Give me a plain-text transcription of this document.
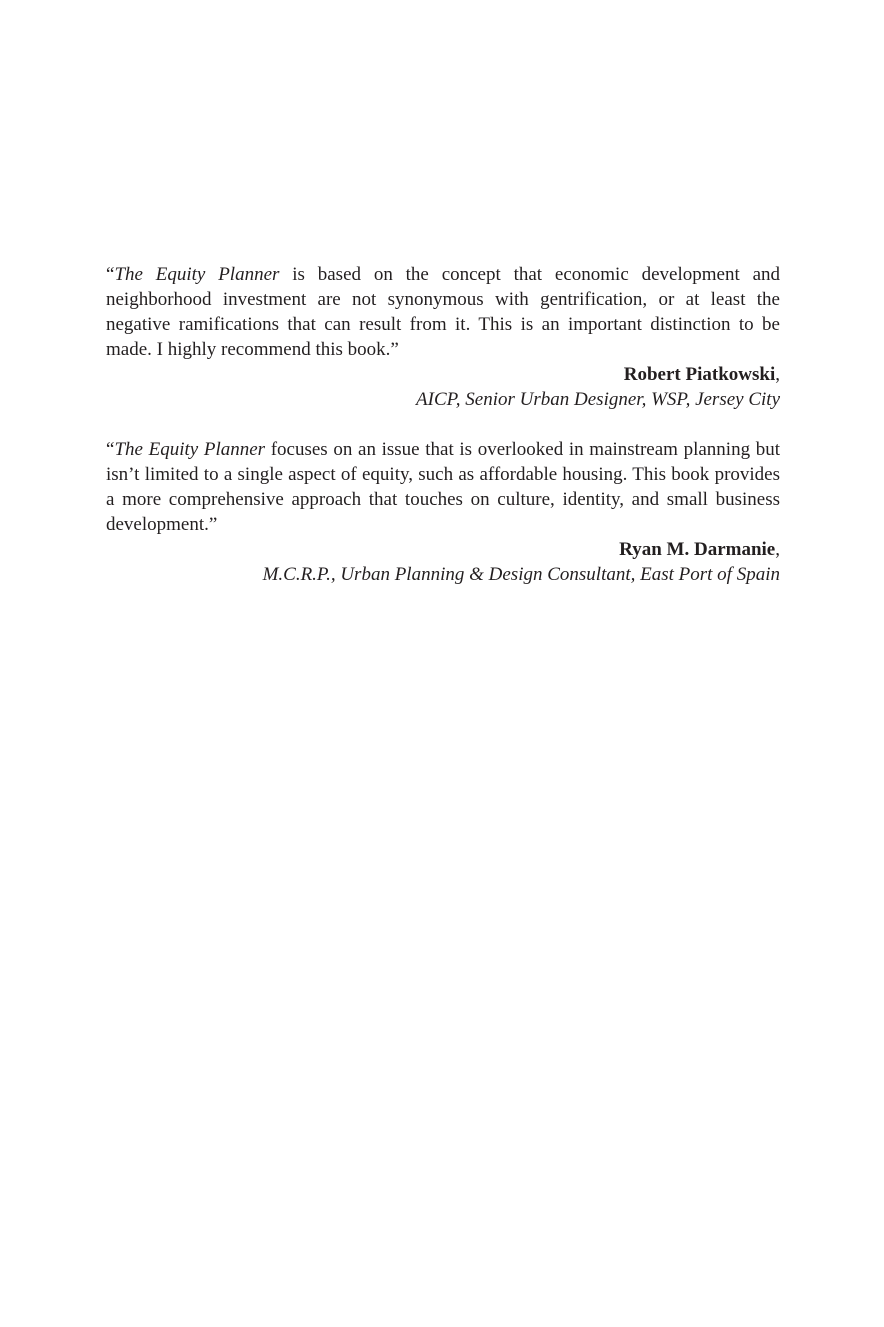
“The Equity Planner is based on the concept that economic development and neighborhood investment are not synonymous with gentrification, or at least the negative ramifications that can result from it. This is an important distinction to be made. I highly recommend this book.”

Robert Piatkowski,

AICP, Senior Urban Designer, WSP, Jersey City

“The Equity Planner focuses on an issue that is overlooked in mainstream planning but isn’t limited to a single aspect of equity, such as affordable housing. This book provides a more comprehensive approach that touches on culture, identity, and small business development.”

Ryan M. Darmanie,

M.C.R.P., Urban Planning & Design Consultant, East Port of Spain
